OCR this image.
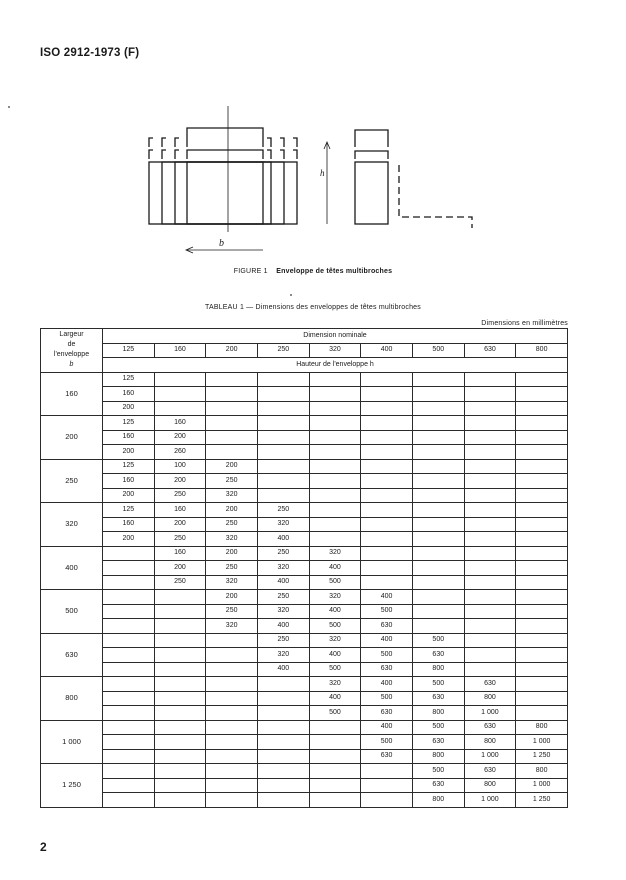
ISO 2912-1973 (F)
h
b
FIGURE 1 Enveloppe de têtes multibroches
TABLEAU 1 — Dimensions des enveloppes de têtes multibroches
Dimensions en millimètres
Largeur
de
l'enveloppe
b	Dimension nominale								
	125	160	200	250	320	400	500	630	800
	Hauteur de l'enveloppe h								
160	125								
	160								
	200								
200	125	160							
	160	200							
	200	260							
250	125	100	200						
	160	200	250						
	200	250	320						
320	125	160	200	250					
	160	200	250	320					
	200	250	320	400					
400		160	200	250	320				
		200	250	320	400				
		250	320	400	500				
500			200	250	320	400			
			250	320	400	500			
			320	400	500	630			
630				250	320	400	500		
				320	400	500	630		
				400	500	630	800		
800					320	400	500	630	
					400	500	630	800	
					500	630	800	1 000	
1 000						400	500	630	800
						500	630	800	1 000
						630	800	1 000	1 250
1 250							500	630	800
							630	800	1 000
							800	1 000	1 250
2
